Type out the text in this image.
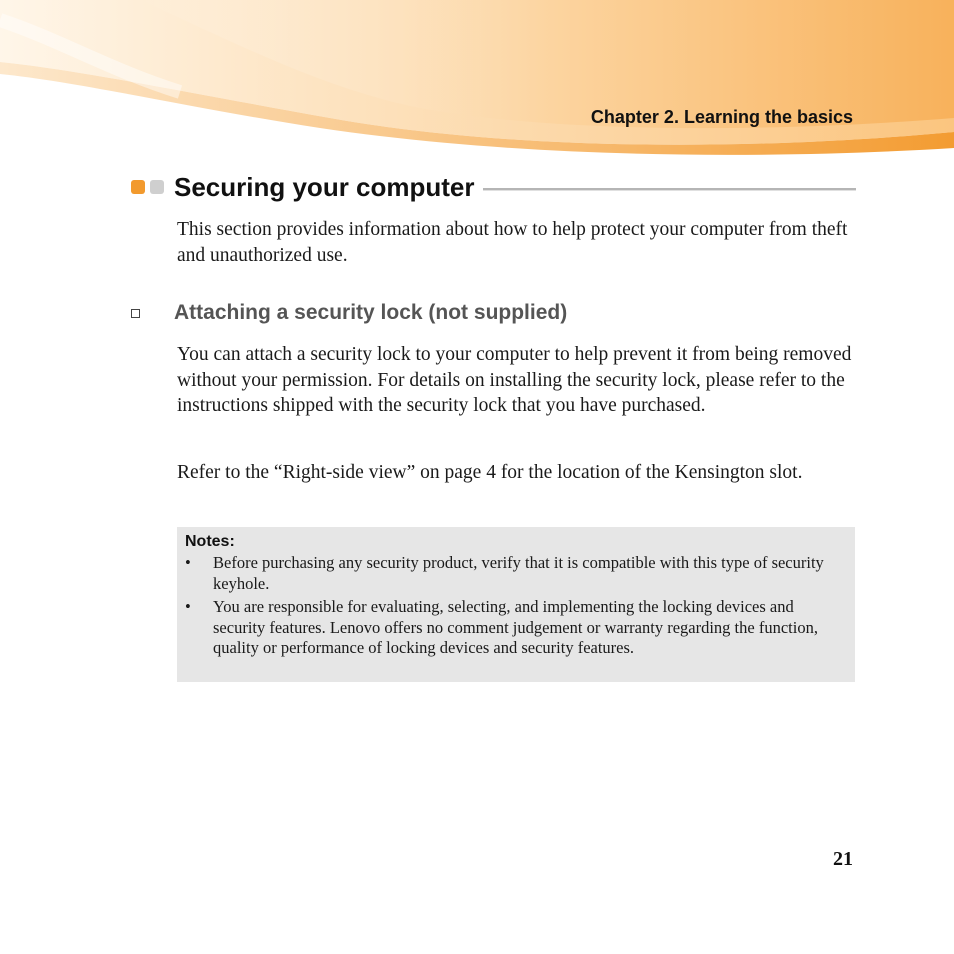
Chapter 2. Learning the basics
Securing your computer

This section provides information about how to help protect your computer from theft and unauthorized use.

Attaching a security lock (not supplied)

You can attach a security lock to your computer to help prevent it from being removed without your permission. For details on installing the security lock, please refer to the instructions shipped with the security lock that you have purchased.

Refer to the “Right-side view” on page 4 for the location of the Kensington slot.

Notes:
•	Before purchasing any security product, verify that it is compatible with this type of security keyhole.
•	You are responsible for evaluating, selecting, and implementing the locking devices and security features. Lenovo offers no comment judgement or warranty regarding the function, quality or performance of locking devices and security features.
21
